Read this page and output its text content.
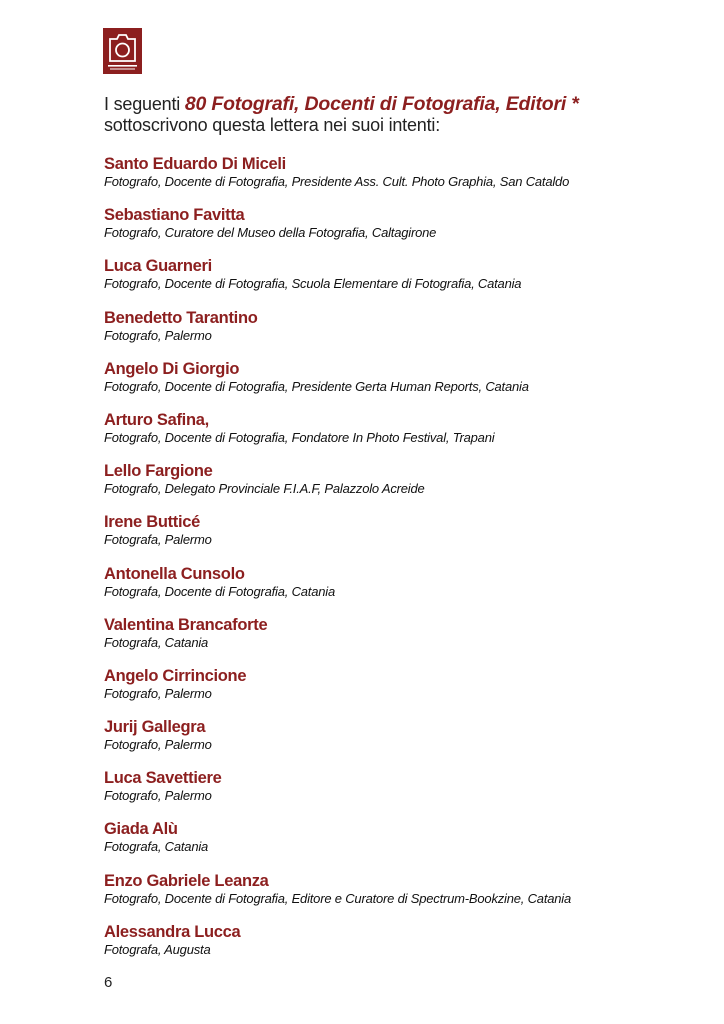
I seguenti 80 Fotografi, Docenti di Fotografia, Editori *
sottoscrivono questa lettera nei suoi intenti:
Santo Eduardo Di Miceli
Fotografo, Docente di Fotografia, Presidente Ass. Cult. Photo Graphia, San Cataldo
Sebastiano Favitta
Fotografo, Curatore del Museo della Fotografia, Caltagirone
Luca Guarneri
Fotografo, Docente di Fotografia, Scuola Elementare di Fotografia, Catania
Benedetto Tarantino
Fotografo, Palermo
Angelo Di Giorgio
Fotografo, Docente di Fotografia, Presidente Gerta Human Reports, Catania
Arturo Safina,
Fotografo, Docente di Fotografia, Fondatore In Photo Festival, Trapani
Lello Fargione
Fotografo, Delegato Provinciale F.I.A.F, Palazzolo Acreide
Irene Butticé
Fotografa, Palermo
Antonella Cunsolo
Fotografa, Docente di Fotografia, Catania
Valentina Brancaforte
Fotografa, Catania
Angelo Cirrincione
Fotografo, Palermo
Jurij Gallegra
Fotografo, Palermo
Luca Savettiere
Fotografo, Palermo
Giada Alù
Fotografa, Catania
Enzo Gabriele Leanza
Fotografo, Docente di Fotografia, Editore e Curatore di Spectrum-Bookzine, Catania
Alessandra Lucca
Fotografa, Augusta
6
